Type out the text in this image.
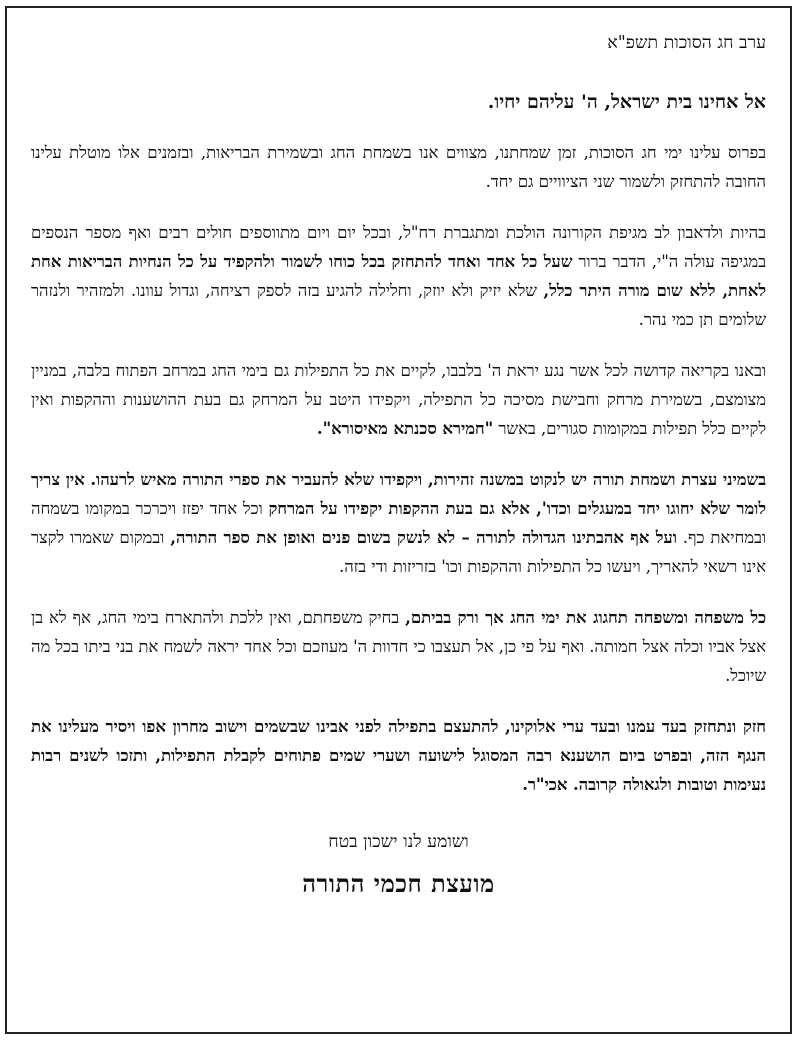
ערב חג הסוכות תשפ"א
אל אחינו בית ישראל, ה' עליהם יחיו.

בפרוס עלינו ימי חג הסוכות, זמן שמחתנו, מצווים אנו בשמחת החג ובשמירת הבריאות, ובזמנים אלו מוטלת עלינו החובה להתחזק ולשמור שני הציוויים גם יחד.

בהיות ולדאבון לב מגיפת הקורונה הולכת ומתגברת רח"ל, ובכל יום ויום מתווספים חולים רבים ואף מספר הנספים במגיפה עולה ה"י, הדבר ברור שעל כל אחד ואחד להתחזק בכל כוחו לשמור ולהקפיד על כל הנחיות הבריאות אחת לאחת, ללא שום מורה היתר כלל, שלא יזיק ולא יוזק, וחלילה להגיע בזה לספק רציחה, וגדול עוונו. ולמזהיר ולנזהר שלומים תן כמי נהר.

ובאנו בקריאה קדושה לכל אשר נגע יראת ה' בלבבו, לקיים את כל התפילות גם בימי החג במרחב הפתוח בלבה, במניין מצומצם, בשמירת מרחק וחבישת מסיכה כל התפילה, ויקפידו היטב על המרחק גם בעת ההושענות וההקפות ואין לקיים כלל תפילות במקומות סגורים, באשר "חמירא סכנתא מאיסורא".

בשמיני עצרת ושמחת תורה יש לנקוט במשנה זהירות, ויקפידו שלא להעביר את ספרי התורה מאיש לרעהו. אין צריך לומר שלא יחוגו יחד במעגלים וכדו', אלא גם בעת ההקפות יקפידו על המרחק וכל אחד יפזז ויכרכר במקומו בשמחה ובמחיאת כף. ועל אף אהבתינו הגדולה לתורה – לא לנשק בשום פנים ואופן את ספר התורה, ובמקום שאמרו לקצר אינו רשאי להאריך, ויעשו כל התפילות וההקפות וכו' בזריזות ודי בזה.

כל משפחה ומשפחה תחגוג את ימי החג אך ורק בביתם, בחיק משפחתם, ואין ללכת ולהתארח בימי החג, אף לא בן אצל אביו וכלה אצל חמותה. ואף על פי כן, אל תעצבו כי חדוות ה' מעוזכם וכל אחד יראה לשמח את בני ביתו בכל מה שיוכל.

חזק ונתחזק בעד עמנו ובעד ערי אלוקינו, להתעצם בתפילה לפני אבינו שבשמים וישוב מחרון אפו ויסיר מעלינו את הנגף הזה, ובפרט ביום הושענא רבה המסוגל לישועה ושערי שמים פתוחים לקבלת התפילות, ותזכו לשנים רבות נעימות וטובות ולגאולה קרובה. אכי"ר.

ושומע לנו ישכון בטח
מועצת חכמי התורה
